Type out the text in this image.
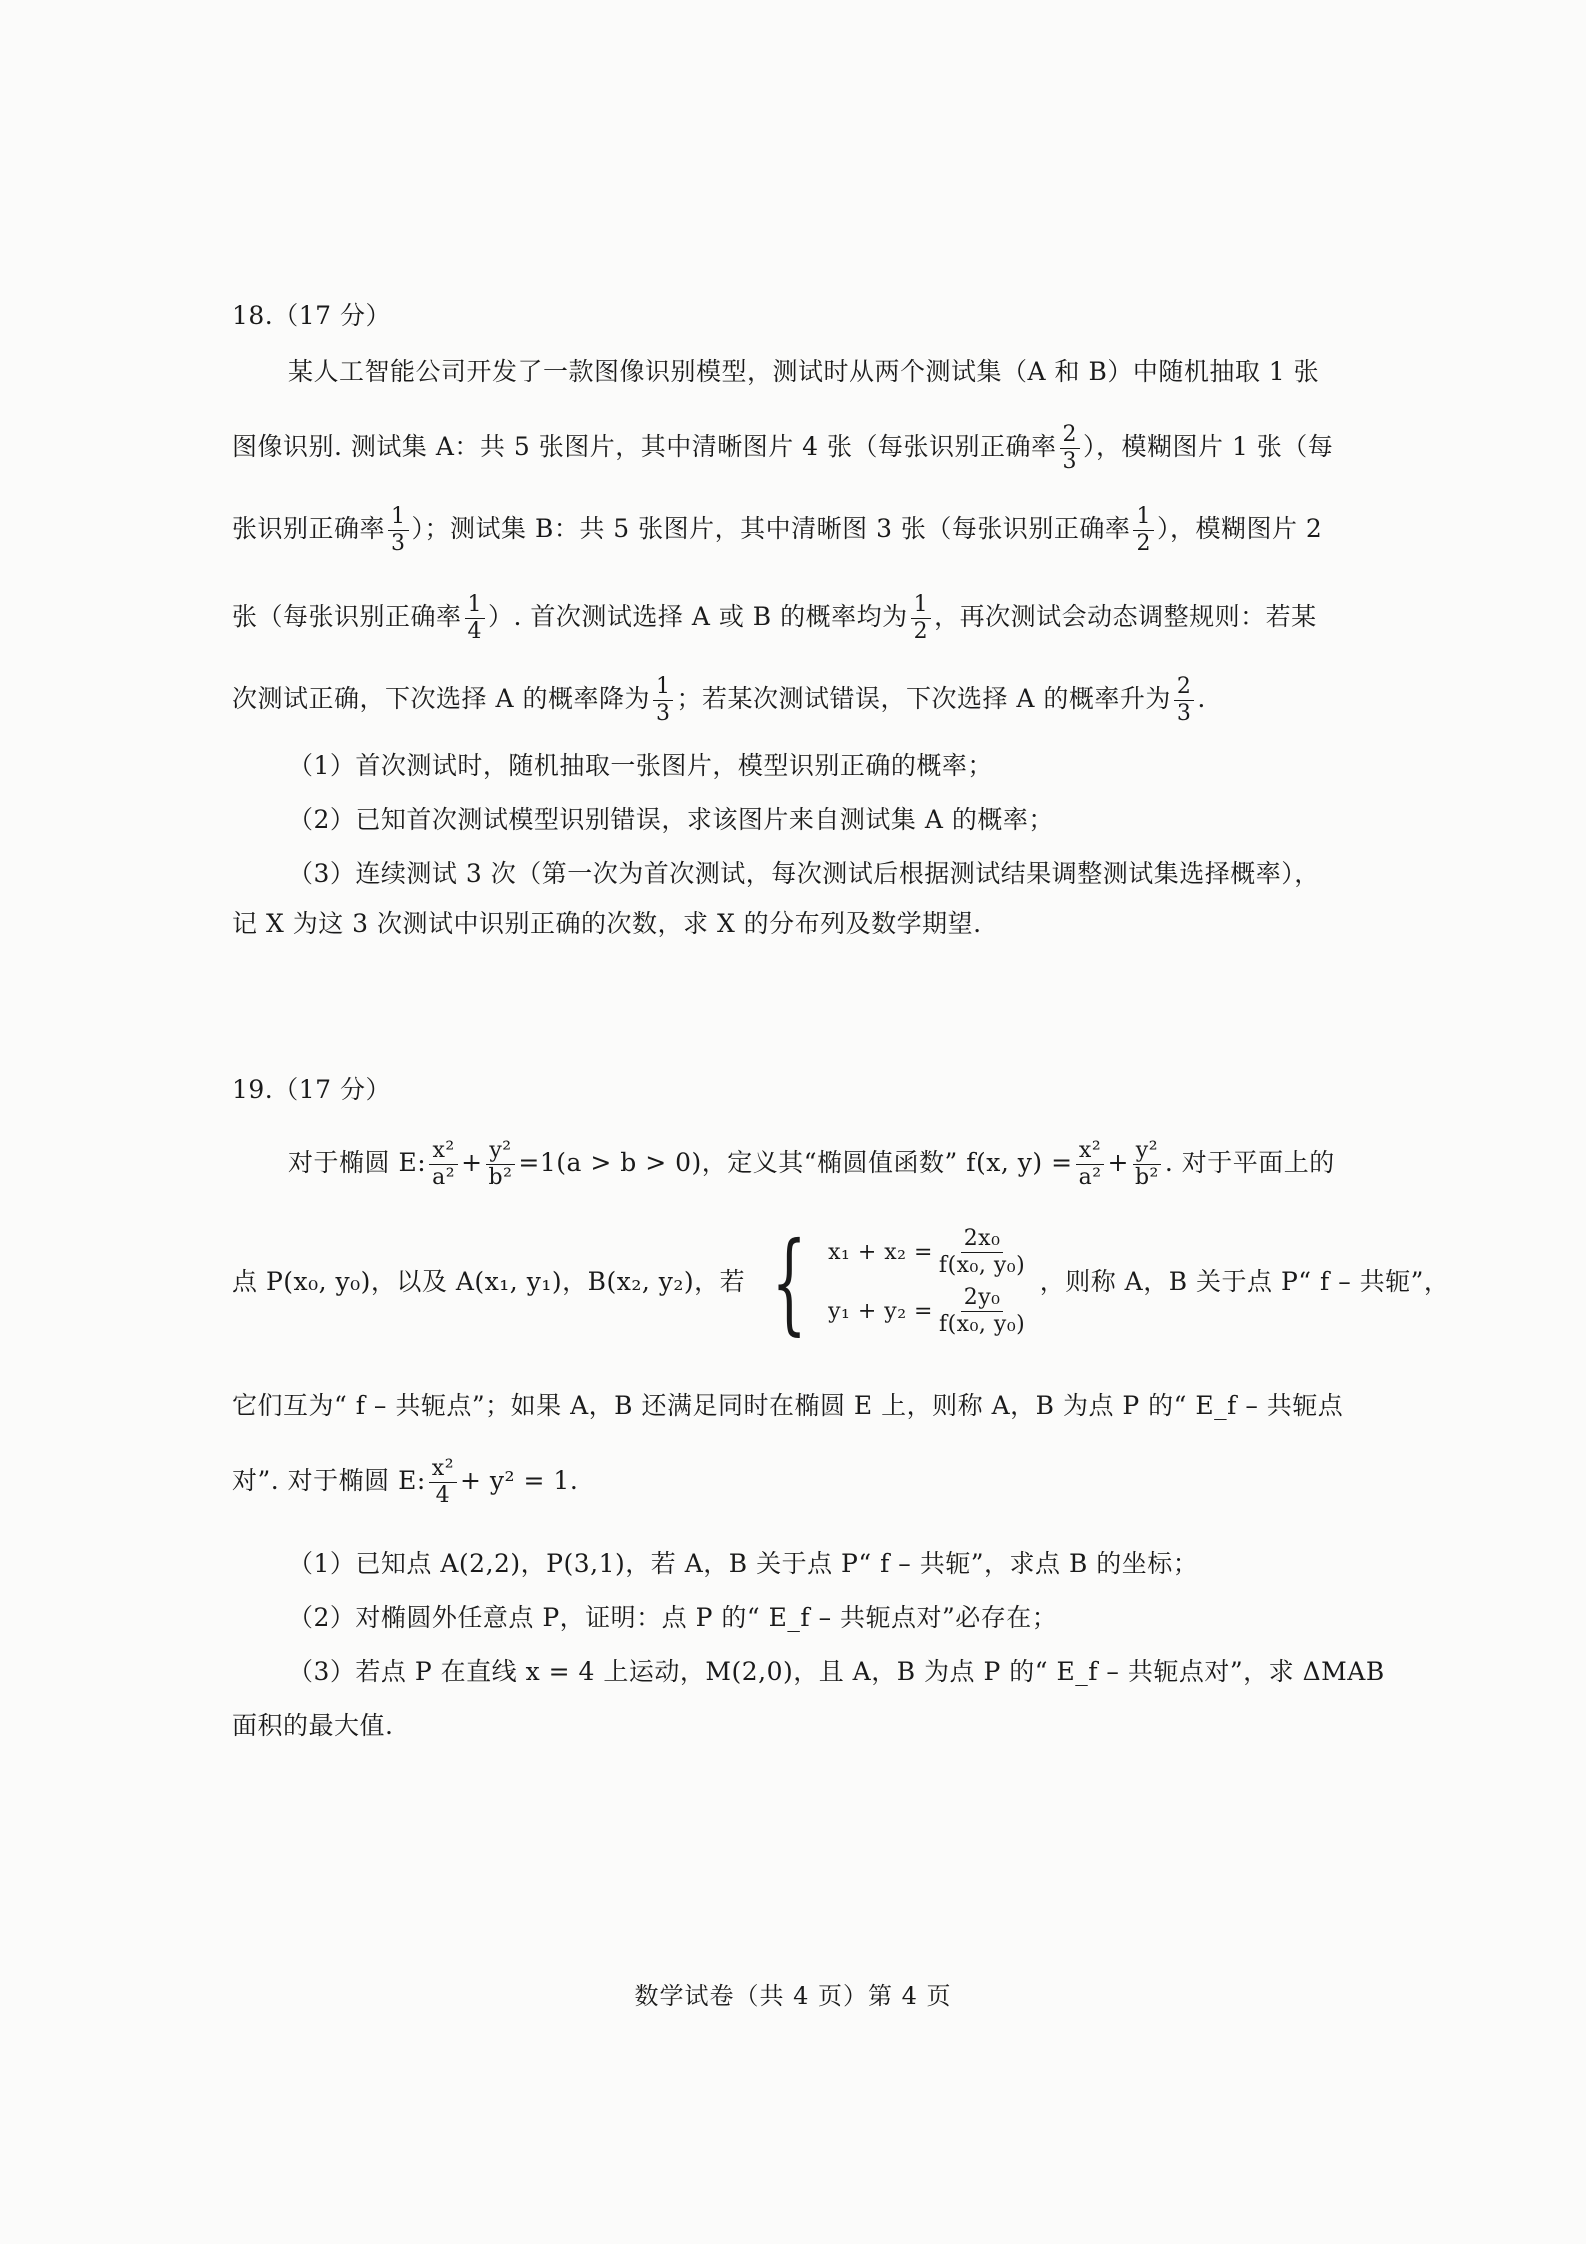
18.（17 分）
某人工智能公司开发了一款图像识别模型，测试时从两个测试集（A 和 B）中随机抽取 1 张
图像识别. 测试集 A：共 5 张图片，其中清晰图片 4 张（每张识别正确率 $\frac{2}{3}$ ），模糊图片 1 张（每
张识别正确率 $\frac{1}{3}$ ）；测试集 B：共 5 张图片，其中清晰图 3 张（每张识别正确率 $\frac{1}{2}$ ），模糊图片 2
张（每张识别正确率 $\frac{1}{4}$ ）. 首次测试选择 A 或 B 的概率均为 $\frac{1}{2}$ ，再次测试会动态调整规则：若某
次测试正确，下次选择 A 的概率降为 $\frac{1}{3}$ ；若某次测试错误，下次选择 A 的概率升为 $\frac{2}{3}$ .
（1）首次测试时，随机抽取一张图片，模型识别正确的概率；
（2）已知首次测试模型识别错误，求该图片来自测试集 A 的概率；
（3）连续测试 3 次（第一次为首次测试，每次测试后根据测试结果调整测试集选择概率），
记 X 为这 3 次测试中识别正确的次数，求 X 的分布列及数学期望.
19.（17 分）
对于椭圆 E: $\frac{\text{x²}}{\text{a²}} + \frac{\text{y²}}{\text{b²}} =1(a > b > 0)$，定义其“椭圆值函数” f(x, $y) = \frac{\text{x²}}{\text{a²}} + \frac{\text{y²}}{\text{b²}}$ . 对于平面上的
点 P(x₀, y₀)，以及 A(x₁, y₁)，B(x₂, y₂)，若 { $x_1 + x_2 = \frac{\text{2x₀}}{\text{f(x₀, y₀)}}$
$y_1 + y_2 = \frac{\text{2y₀}}{\text{f(x₀, y₀)}}$
，则称 A，B 关于点 P“ f – 共轭”，
它们互为“ f – 共轭点”；如果 A，B 还满足同时在椭圆 E 上，则称 A，B 为点 P 的“ E_f – 共轭点
对”. 对于椭圆 E: $\frac{\text{x²}}{4} + y^2 = 1$.
（1）已知点 A(2,2)，P(3,1)，若 A，B 关于点 P“ f – 共轭”，求点 B 的坐标；
（2）对椭圆外任意点 P，证明：点 P 的“ E_f – 共轭点对”必存在；
（3）若点 P 在直线 x = 4 上运动，M(2,0)，且 A，B 为点 P 的“ E_f – 共轭点对”，求 ΔMAB
面积的最大值.
数学试卷（共 4 页）第 4 页
